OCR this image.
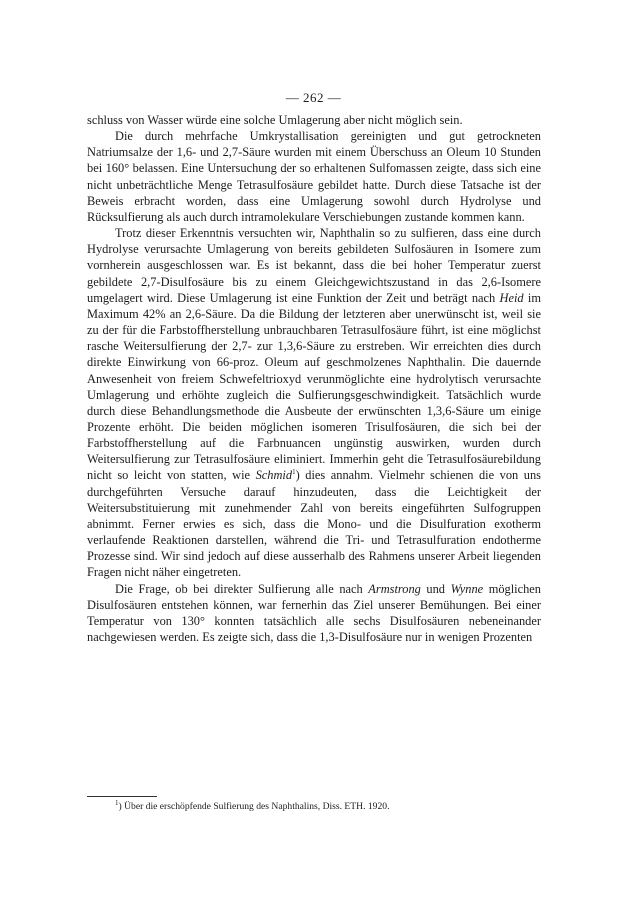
— 262 —

schluss von Wasser würde eine solche Umlagerung aber nicht möglich sein.

Die durch mehrfache Umkrystallisation gereinigten und gut getrockneten Natriumsalze der 1,6- und 2,7-Säure wurden mit einem Überschuss an Oleum 10 Stunden bei 160° belassen. Eine Untersuchung der so erhaltenen Sulfomassen zeigte, dass sich eine nicht unbeträchtliche Menge Tetrasulfosäure gebildet hatte. Durch diese Tatsache ist der Beweis erbracht worden, dass eine Umlagerung sowohl durch Hydrolyse und Rücksulfierung als auch durch intramolekulare Verschiebungen zustande kommen kann.

Trotz dieser Erkenntnis versuchten wir, Naphthalin so zu sulfieren, dass eine durch Hydrolyse verursachte Umlagerung von bereits gebildeten Sulfosäuren in Isomere zum vornherein ausgeschlossen war. Es ist bekannt, dass die bei hoher Temperatur zuerst gebildete 2,7-Disulfosäure bis zu einem Gleichgewichtszustand in das 2,6-Isomere umgelagert wird. Diese Umlagerung ist eine Funktion der Zeit und beträgt nach Heid im Maximum 42% an 2,6-Säure. Da die Bildung der letzteren aber unerwünscht ist, weil sie zu der für die Farbstoffherstellung unbrauchbaren Tetrasulfosäure führt, ist eine möglichst rasche Weitersulfierung der 2,7- zur 1,3,6-Säure zu erstreben. Wir erreichten dies durch direkte Einwirkung von 66-proz. Oleum auf geschmolzenes Naphthalin. Die dauernde Anwesenheit von freiem Schwefeltrioxyd verunmöglichte eine hydrolytisch verursachte Umlagerung und erhöhte zugleich die Sulfierungsgeschwindigkeit. Tatsächlich wurde durch diese Behandlungsmethode die Ausbeute der erwünschten 1,3,6-Säure um einige Prozente erhöht. Die beiden möglichen isomeren Trisulfosäuren, die sich bei der Farbstoffherstellung auf die Farbnuancen ungünstig auswirken, wurden durch Weitersulfierung zur Tetrasulfosäure eliminiert. Immerhin geht die Tetrasulfosäurebildung nicht so leicht von statten, wie Schmid$^1$) dies annahm. Vielmehr schienen die von uns durchgeführten Versuche darauf hinzudeuten, dass die Leichtigkeit der Weitersubstituierung mit zunehmender Zahl von bereits eingeführten Sulfogruppen abnimmt. Ferner erwies es sich, dass die Mono- und die Disulfuration exotherm verlaufende Reaktionen darstellen, während die Tri- und Tetrasulfuration endotherme Prozesse sind. Wir sind jedoch auf diese ausserhalb des Rahmens unserer Arbeit liegenden Fragen nicht näher eingetreten.

Die Frage, ob bei direkter Sulfierung alle nach Armstrong und Wynne möglichen Disulfosäuren entstehen können, war fernerhin das Ziel unserer Bemühungen. Bei einer Temperatur von 130° konnten tatsächlich alle sechs Disulfosäuren nebeneinander nachgewiesen werden. Es zeigte sich, dass die 1,3-Disulfosäure nur in wenigen Prozenten

$^1$) Über die erschöpfende Sulfierung des Naphthalins, Diss. ETH. 1920.
